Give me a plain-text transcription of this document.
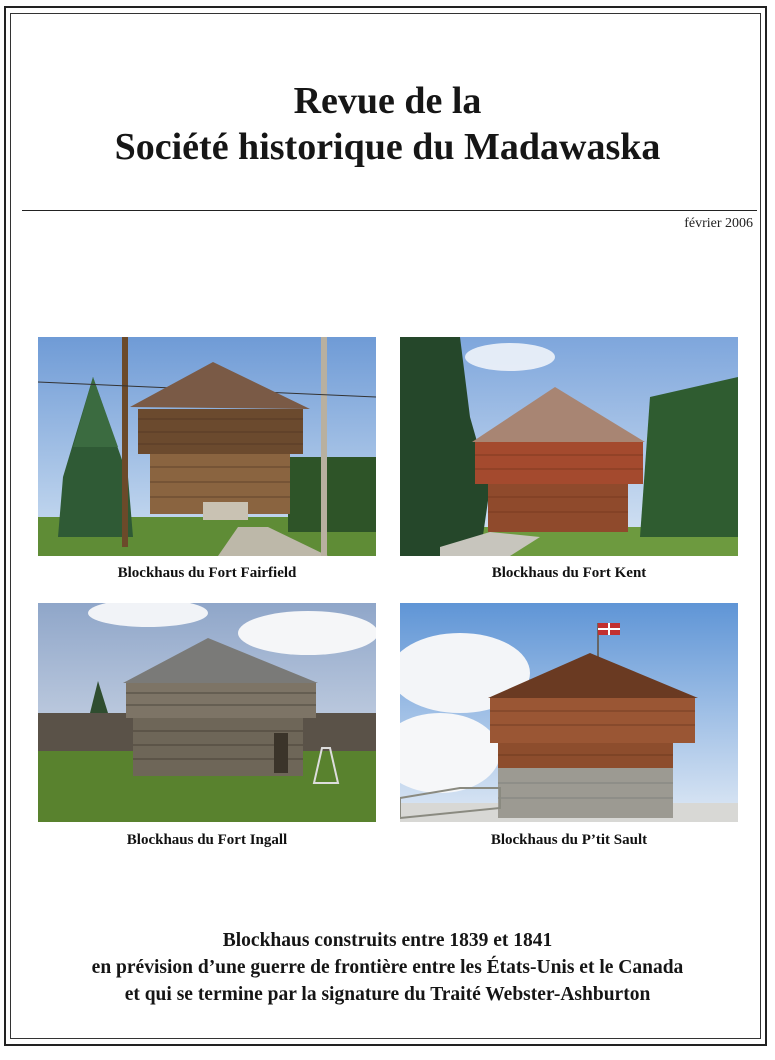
Revue de la
Société historique du Madawaska
février 2006
Blockhaus du Fort Fairfield	Blockhaus du Fort Kent
Blockhaus du Fort Ingall	Blockhaus du P’tit Sault
Blockhaus construits entre 1839 et 1841
en prévision d’une guerre de frontière entre les États-Unis et le Canada
et qui se termine par la signature du Traité Webster-Ashburton
